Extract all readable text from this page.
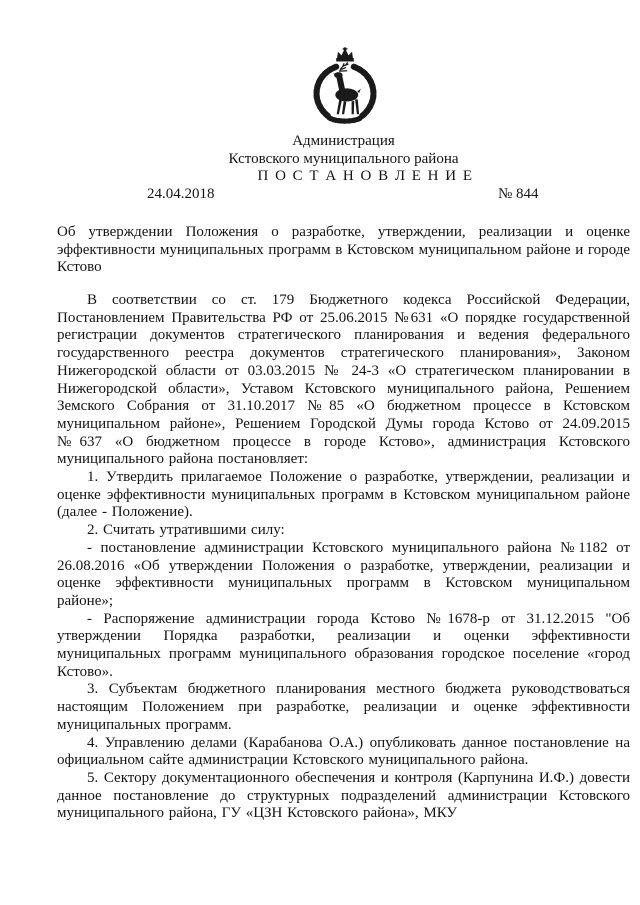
Администрация
Кстовского муниципального района
П О С Т А Н О В Л Е Н И Е
24.04.2018	№ 844
Об утверждении Положения о разработке, утверждении, реализации и оценке эффективности муниципальных программ в Кстовском муниципальном районе и городе Кстово

В соответствии со ст. 179 Бюджетного кодекса Российской Федерации, Постановлением Правительства РФ от 25.06.2015 №631 «О порядке государственной регистрации документов стратегического планирования и ведения федерального государственного реестра документов стратегического планирования», Законом Нижегородской области от 03.03.2015 № 24-3 «О стратегическом планировании в Нижегородской области», Уставом Кстовского муниципального района, Решением Земского Собрания от 31.10.2017 №85 «О бюджетном процессе в Кстовском муниципальном районе», Решением Городской Думы города Кстово от 24.09.2015 №637 «О бюджетном процессе в городе Кстово», администрация Кстовского муниципального района постановляет:

1. Утвердить прилагаемое Положение о разработке, утверждении, реализации и оценке эффективности муниципальных программ в Кстовском муниципальном районе (далее - Положение).

2. Считать утратившими силу:

- постановление администрации Кстовского муниципального района №1182 от 26.08.2016 «Об утверждении Положения о разработке, утверждении, реализации и оценке эффективности муниципальных программ в Кстовском муниципальном районе»;

- Распоряжение администрации города Кстово №1678-р от 31.12.2015 "Об утверждении Порядка разработки, реализации и оценки эффективности муниципальных программ муниципального образования городское поселение «город Кстово».

3. Субъектам бюджетного планирования местного бюджета руководствоваться настоящим Положением при разработке, реализации и оценке эффективности муниципальных программ.

4. Управлению делами (Карабанова О.А.) опубликовать данное постановление на официальном сайте администрации Кстовского муниципального района.

5. Сектору документационного обеспечения и контроля (Карпунина И.Ф.) довести данное постановление до структурных подразделений администрации Кстовского муниципального района, ГУ «ЦЗН Кстовского района», МКУ
